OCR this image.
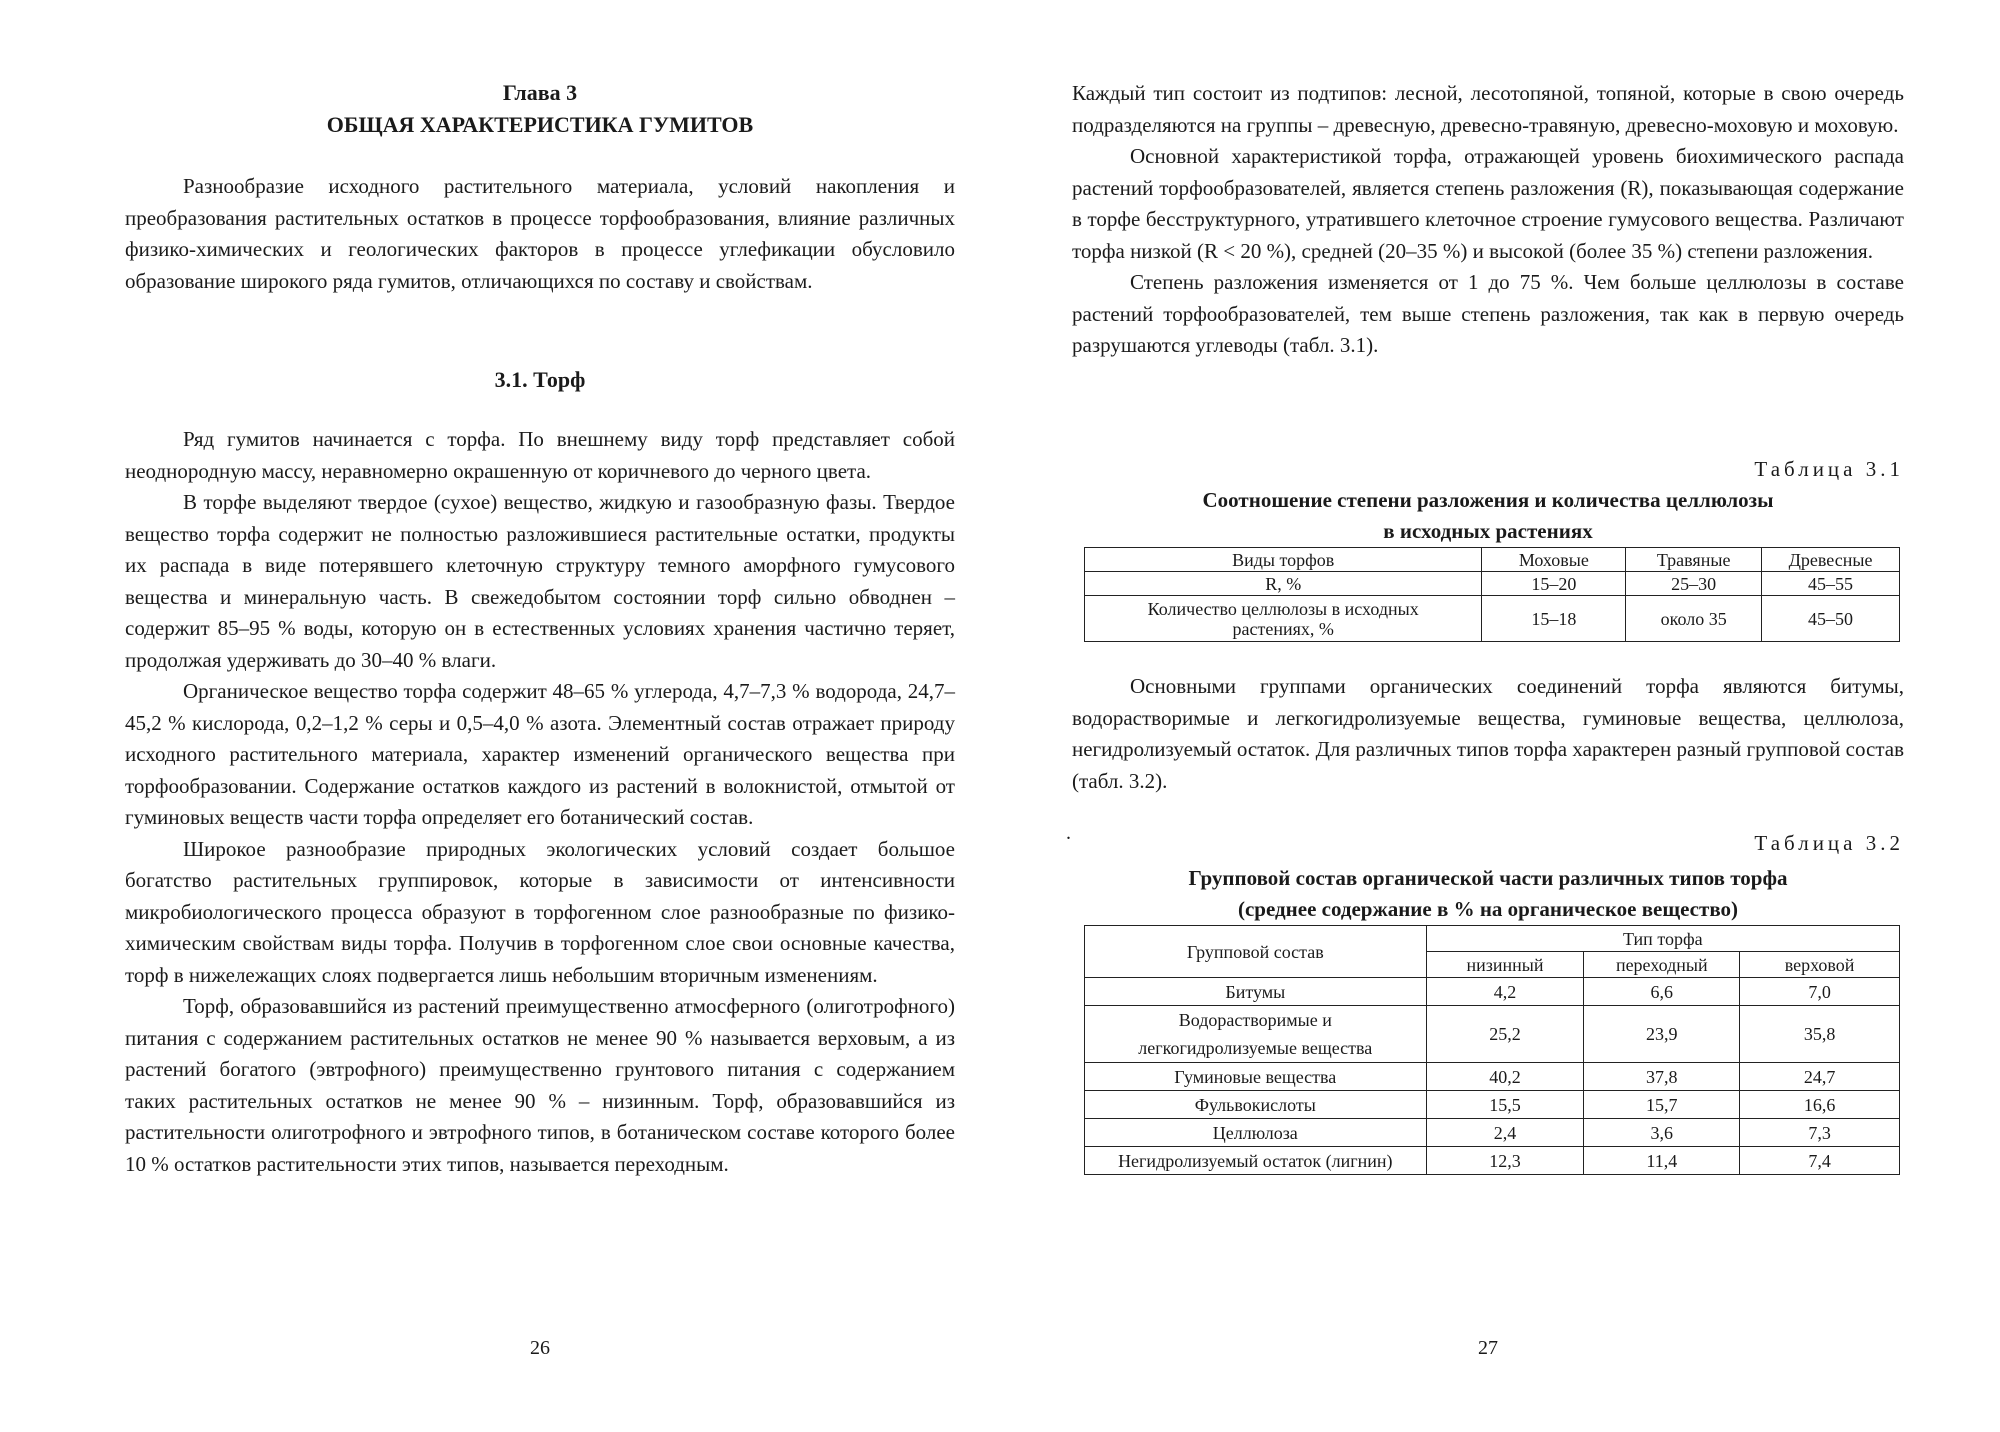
Глава 3
ОБЩАЯ ХАРАКТЕРИСТИКА ГУМИТОВ

Разнообразие исходного растительного материала, условий накопления и преобразования растительных остатков в процессе торфообразования, влияние различных физико-химических и геологических факторов в процессе углефикации обусловило образование широкого ряда гумитов, отличающихся по составу и свойствам.

3.1. Торф

Ряд гумитов начинается с торфа. По внешнему виду торф представляет собой неоднородную массу, неравномерно окрашенную от коричневого до черного цвета.

В торфе выделяют твердое (сухое) вещество, жидкую и газообразную фазы. Твердое вещество торфа содержит не полностью разложившиеся растительные остатки, продукты их распада в виде потерявшего клеточную структуру темного аморфного гумусового вещества и минеральную часть. В свежедобытом состоянии торф сильно обводнен – содержит 85–95 % воды, которую он в естественных условиях хранения частично теряет, продолжая удерживать до 30–40 % влаги.

Органическое вещество торфа содержит 48–65 % углерода, 4,7–7,3 % водорода, 24,7–45,2 % кислорода, 0,2–1,2 % серы и 0,5–4,0 % азота. Элементный состав отражает природу исходного растительного материала, характер изменений органического вещества при торфообразовании. Содержание остатков каждого из растений в волокнистой, отмытой от гуминовых веществ части торфа определяет его ботанический состав.

Широкое разнообразие природных экологических условий создает большое богатство растительных группировок, которые в зависимости от интенсивности микробиологического процесса образуют в торфогенном слое разнообразные по физико-химическим свойствам виды торфа. Получив в торфогенном слое свои основные качества, торф в нижележащих слоях подвергается лишь небольшим вторичным изменениям.

Торф, образовавшийся из растений преимущественно атмосферного (олиготрофного) питания с содержанием растительных остатков не менее 90 % называется верховым, а из растений богатого (эвтрофного) преимущественно грунтового питания с содержанием таких растительных остатков не менее 90 % – низинным. Торф, образовавшийся из растительности олиготрофного и эвтрофного типов, в ботаническом составе которого более 10 % остатков растительности этих типов, называется переходным.

26

Каждый тип состоит из подтипов: лесной, лесотопяной, топяной, которые в свою очередь подразделяются на группы – древесную, древесно-травяную, древесно-моховую и моховую.

Основной характеристикой торфа, отражающей уровень биохимического распада растений торфообразователей, является степень разложения (R), показывающая содержание в торфе бесструктурного, утратившего клеточное строение гумусового вещества. Различают торфа низкой (R < 20 %), средней (20–35 %) и высокой (более 35 %) степени разложения.

Степень разложения изменяется от 1 до 75 %. Чем больше целлюлозы в составе растений торфообразователей, тем выше степень разложения, так как в первую очередь разрушаются углеводы (табл. 3.1).

Таблица 3.1
Соотношение степени разложения и количества целлюлозы
в исходных растениях
Виды торфов	Моховые	Травяные	Древесные
R, %	15–20	25–30	45–55
Количество целлюлозы в исходных растениях, %	15–18	около 35	45–50

Основными группами органических соединений торфа являются битумы, водорастворимые и легкогидролизуемые вещества, гуминовые вещества, целлюлоза, негидролизуемый остаток. Для различных типов торфа характерен разный групповой состав (табл. 3.2).

.	Таблица 3.2
Групповой состав органической части различных типов торфа
(среднее содержание в % на органическое вещество)
Групповой состав	Тип торфа		
	низинный	переходный	верховой
Битумы	4,2	6,6	7,0
Водорастворимые и легкогидролизуемые вещества	25,2	23,9	35,8
Гуминовые вещества	40,2	37,8	24,7
Фульвокислоты	15,5	15,7	16,6
Целлюлоза	2,4	3,6	7,3
Негидролизуемый остаток (лигнин)	12,3	11,4	7,4
27
